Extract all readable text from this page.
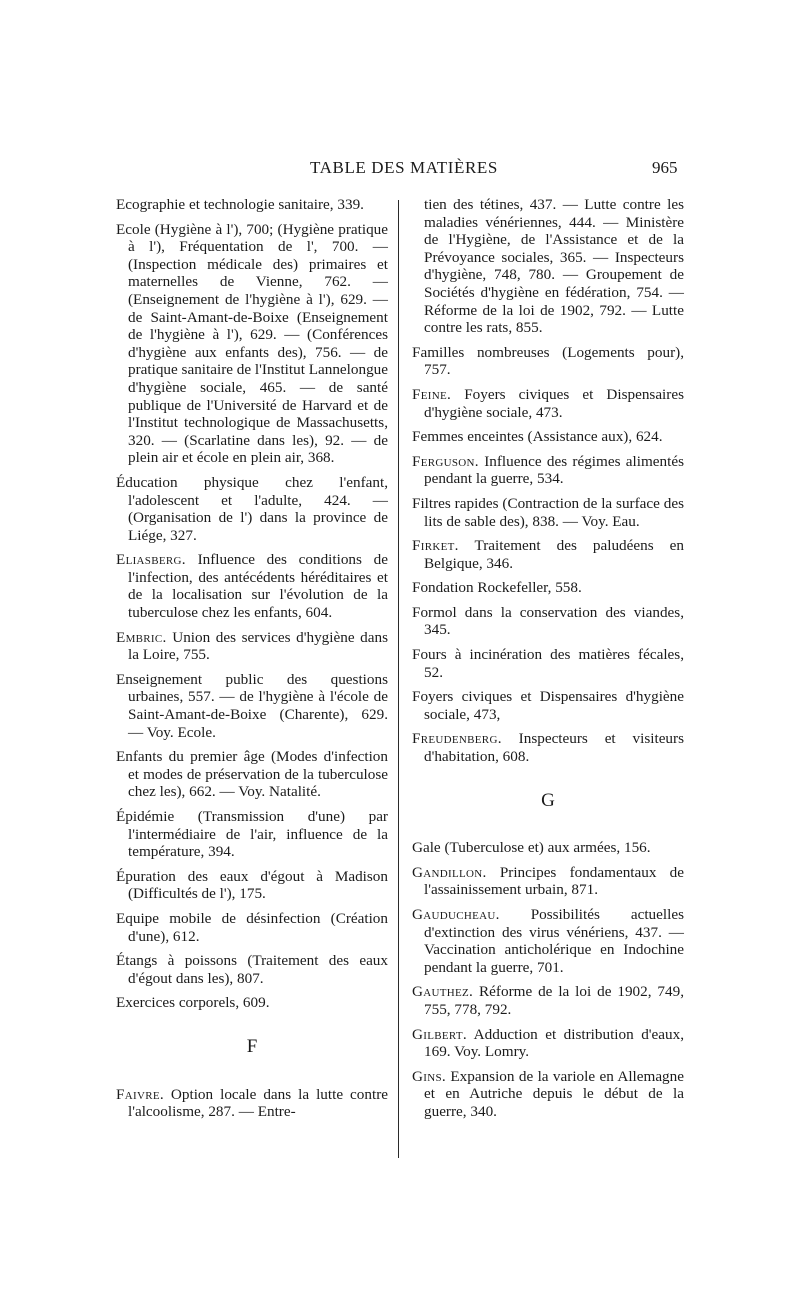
TABLE DES MATIÈRES	965

Ecographie et technologie sanitaire, 339.

Ecole (Hygiène à l'), 700; (Hygiène pratique à l'), Fréquentation de l', 700. — (Inspection médicale des) primaires et maternelles de Vienne, 762. — (Enseignement de l'hygiène à l'), 629. — de Saint-Amant-de-Boixe (Enseignement de l'hygiène à l'), 629. — (Conférences d'hygiène aux enfants des), 756. — de pratique sanitaire de l'Institut Lannelongue d'hygiène sociale, 465. — de santé publique de l'Université de Harvard et de l'Institut technologique de Massachusetts, 320. — (Scarlatine dans les), 92. — de plein air et école en plein air, 368.

Éducation physique chez l'enfant, l'adolescent et l'adulte, 424. — (Organisation de l') dans la province de Liége, 327.

Eliasberg. Influence des conditions de l'infection, des antécédents héréditaires et de la localisation sur l'évolution de la tuberculose chez les enfants, 604.

Embric. Union des services d'hygiène dans la Loire, 755.

Enseignement public des questions urbaines, 557. — de l'hygiène à l'école de Saint-Amant-de-Boixe (Charente), 629. — Voy. Ecole.

Enfants du premier âge (Modes d'infection et modes de préservation de la tuberculose chez les), 662. — Voy. Natalité.

Épidémie (Transmission d'une) par l'intermédiaire de l'air, influence de la température, 394.

Épuration des eaux d'égout à Madison (Difficultés de l'), 175.

Equipe mobile de désinfection (Création d'une), 612.

Étangs à poissons (Traitement des eaux d'égout dans les), 807.

Exercices corporels, 609.

F

Faivre. Option locale dans la lutte contre l'alcoolisme, 287. — Entre-

tien des tétines, 437. — Lutte contre les maladies vénériennes, 444. — Ministère de l'Hygiène, de l'Assistance et de la Prévoyance sociales, 365. — Inspecteurs d'hygiène, 748, 780. — Groupement de Sociétés d'hygiène en fédération, 754. — Réforme de la loi de 1902, 792. — Lutte contre les rats, 855.

Familles nombreuses (Logements pour), 757.

Feine. Foyers civiques et Dispensaires d'hygiène sociale, 473.

Femmes enceintes (Assistance aux), 624.

Ferguson. Influence des régimes alimentés pendant la guerre, 534.

Filtres rapides (Contraction de la surface des lits de sable des), 838. — Voy. Eau.

Firket. Traitement des paludéens en Belgique, 346.

Fondation Rockefeller, 558.

Formol dans la conservation des viandes, 345.

Fours à incinération des matières fécales, 52.

Foyers civiques et Dispensaires d'hygiène sociale, 473,

Freudenberg. Inspecteurs et visiteurs d'habitation, 608.

G

Gale (Tuberculose et) aux armées, 156.

Gandillon. Principes fondamentaux de l'assainissement urbain, 871.

Gauducheau. Possibilités actuelles d'extinction des virus vénériens, 437. — Vaccination anticholérique en Indochine pendant la guerre, 701.

Gauthez. Réforme de la loi de 1902, 749, 755, 778, 792.

Gilbert. Adduction et distribution d'eaux, 169. Voy. Lomry.

Gins. Expansion de la variole en Allemagne et en Autriche depuis le début de la guerre, 340.
